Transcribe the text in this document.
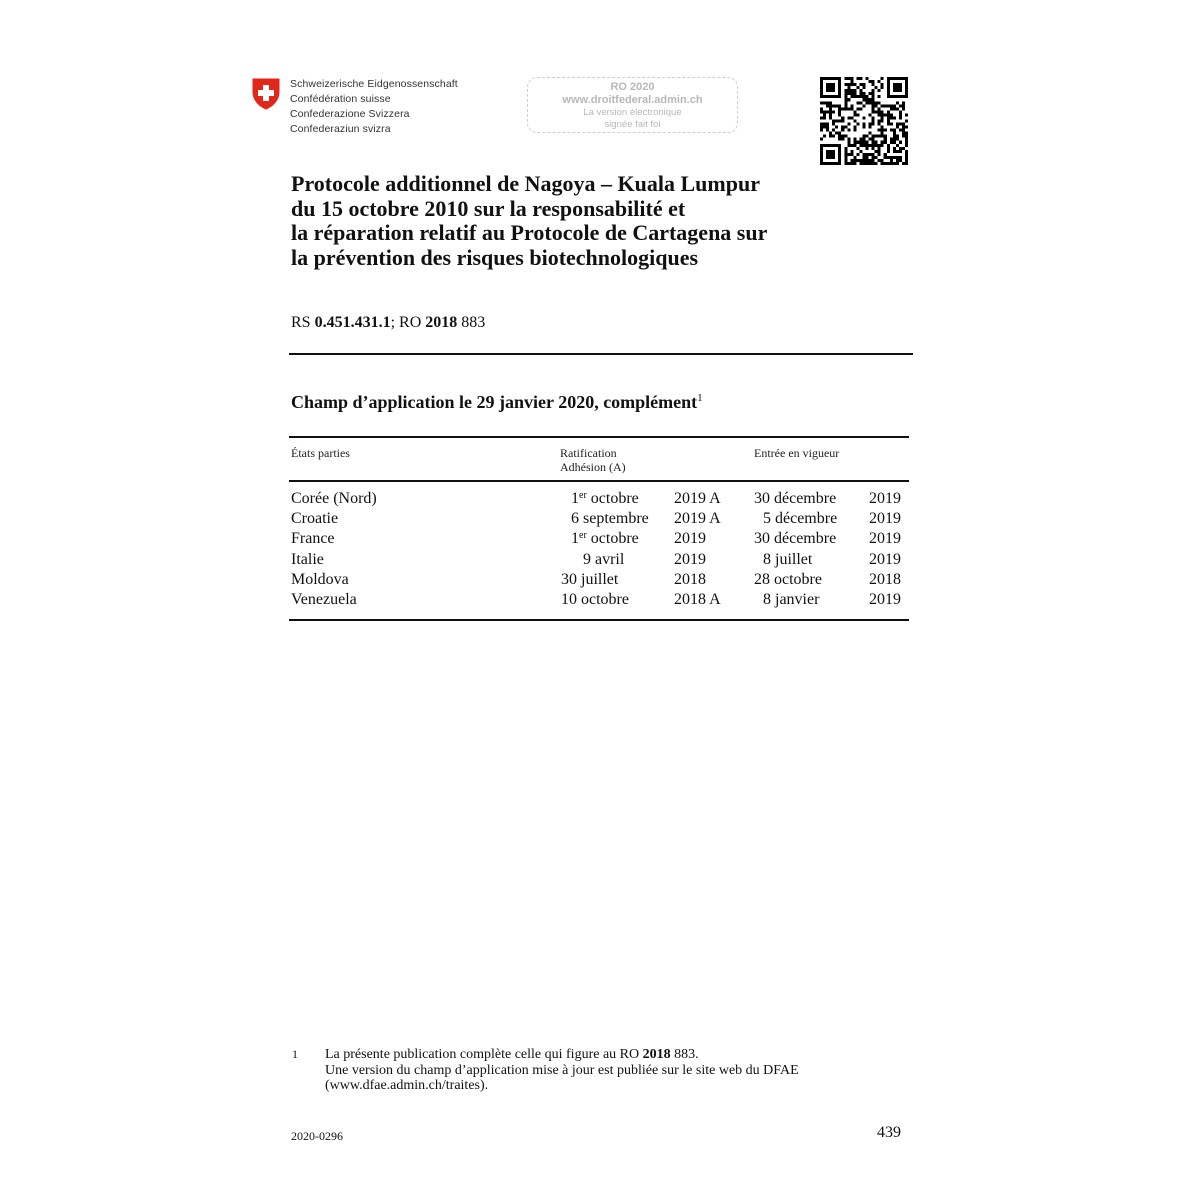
Schweizerische Eidgenossenschaft
Confédération suisse
Confederazione Svizzera
Confederaziun svizra
RO 2020
www.droitfederal.admin.ch
La version électronique
signée fait foi
Protocole additionnel de Nagoya – Kuala Lumpur
du 15 octobre 2010 sur la responsabilité et
la réparation relatif au Protocole de Cartagena sur
la prévention des risques biotechnologiques
RS 0.451.431.1; RO 2018 883
Champ d’application le 29 janvier 2020, complément$^1$
États parties	Ratification
Adhésion (A)
Entrée en vigueur
Corée (Nord)	1er octobre	2019 A 30 décembre	2019
Croatie	6 septembre	2019 A	5 décembre	2019
France	1er octobre	2019	30 décembre	2019
Italie	9 avril	2019	8 juillet	2019
Moldova	30 juillet	2018	28 octobre	2018
Venezuela	10 octobre	2018 A	8 janvier	2019
1 La présente publication complète celle qui figure au RO 2018 883.
Une version du champ d’application mise à jour est publiée sur le site web du DFAE
(www.dfae.admin.ch/traites).
2020-0296	439
